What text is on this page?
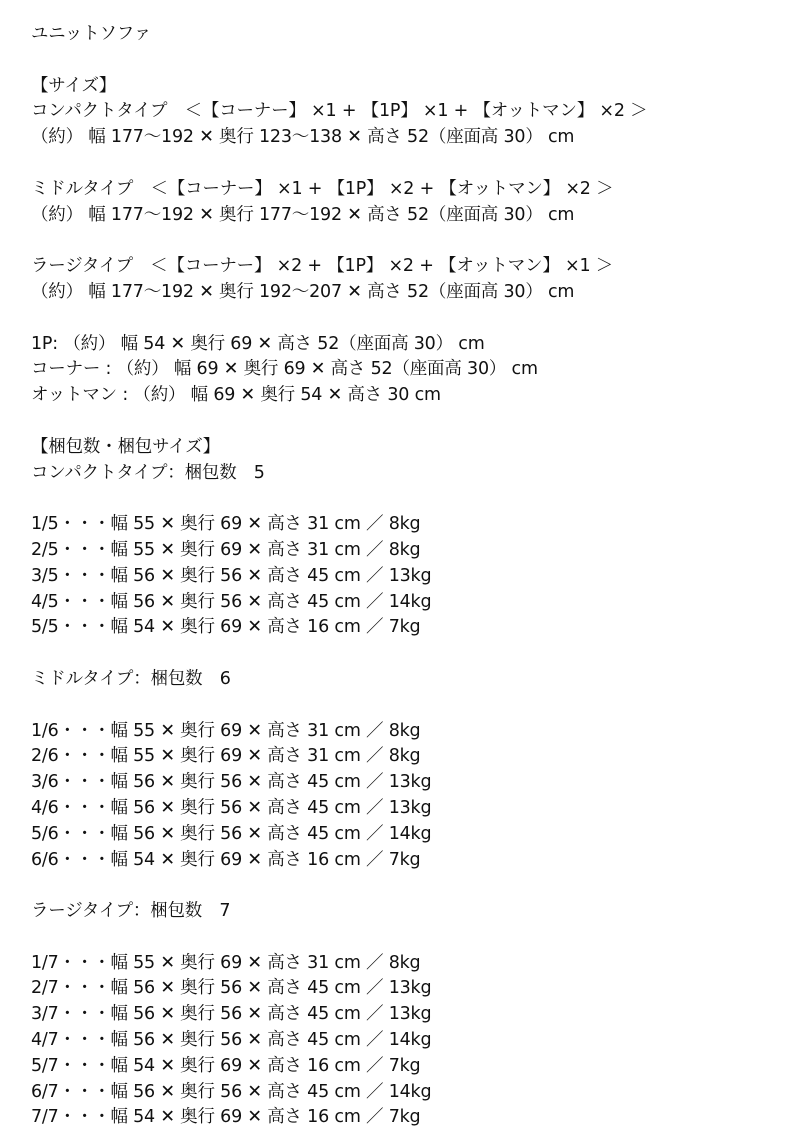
ユニットソファ
【サイズ】
コンパクトタイプ　＜【コーナー】 ×1 + 【1P】 ×1 + 【オットマン】 ×2 ＞
（約） 幅 177〜192 ✕ 奥行 123〜138 ✕ 高さ 52（座面高 30） cm
ミドルタイプ　＜【コーナー】 ×1 + 【1P】 ×2 + 【オットマン】 ×2 ＞
（約） 幅 177〜192 ✕ 奥行 177〜192 ✕ 高さ 52（座面高 30） cm
ラージタイプ　＜【コーナー】 ×2 + 【1P】 ×2 + 【オットマン】 ×1 ＞
（約） 幅 177〜192 ✕ 奥行 192〜207 ✕ 高さ 52（座面高 30） cm
1P: （約） 幅 54 ✕ 奥行 69 ✕ 高さ 52（座面高 30） cm
コーナー : （約） 幅 69 ✕ 奥行 69 ✕ 高さ 52（座面高 30） cm
オットマン : （約） 幅 69 ✕ 奥行 54 ✕ 高さ 30 cm
【梱包数・梱包サイズ】
コンパクトタイプ：梱包数　5
1/5・・・幅 55 ✕ 奥行 69 ✕ 高さ 31 cm ／ 8kg
2/5・・・幅 55 ✕ 奥行 69 ✕ 高さ 31 cm ／ 8kg
3/5・・・幅 56 ✕ 奥行 56 ✕ 高さ 45 cm ／ 13kg
4/5・・・幅 56 ✕ 奥行 56 ✕ 高さ 45 cm ／ 14kg
5/5・・・幅 54 ✕ 奥行 69 ✕ 高さ 16 cm ／ 7kg
ミドルタイプ：梱包数　6
1/6・・・幅 55 ✕ 奥行 69 ✕ 高さ 31 cm ／ 8kg
2/6・・・幅 55 ✕ 奥行 69 ✕ 高さ 31 cm ／ 8kg
3/6・・・幅 56 ✕ 奥行 56 ✕ 高さ 45 cm ／ 13kg
4/6・・・幅 56 ✕ 奥行 56 ✕ 高さ 45 cm ／ 13kg
5/6・・・幅 56 ✕ 奥行 56 ✕ 高さ 45 cm ／ 14kg
6/6・・・幅 54 ✕ 奥行 69 ✕ 高さ 16 cm ／ 7kg
ラージタイプ：梱包数　7
1/7・・・幅 55 ✕ 奥行 69 ✕ 高さ 31 cm ／ 8kg
2/7・・・幅 56 ✕ 奥行 56 ✕ 高さ 45 cm ／ 13kg
3/7・・・幅 56 ✕ 奥行 56 ✕ 高さ 45 cm ／ 13kg
4/7・・・幅 56 ✕ 奥行 56 ✕ 高さ 45 cm ／ 14kg
5/7・・・幅 54 ✕ 奥行 69 ✕ 高さ 16 cm ／ 7kg
6/7・・・幅 56 ✕ 奥行 56 ✕ 高さ 45 cm ／ 14kg
7/7・・・幅 54 ✕ 奥行 69 ✕ 高さ 16 cm ／ 7kg
